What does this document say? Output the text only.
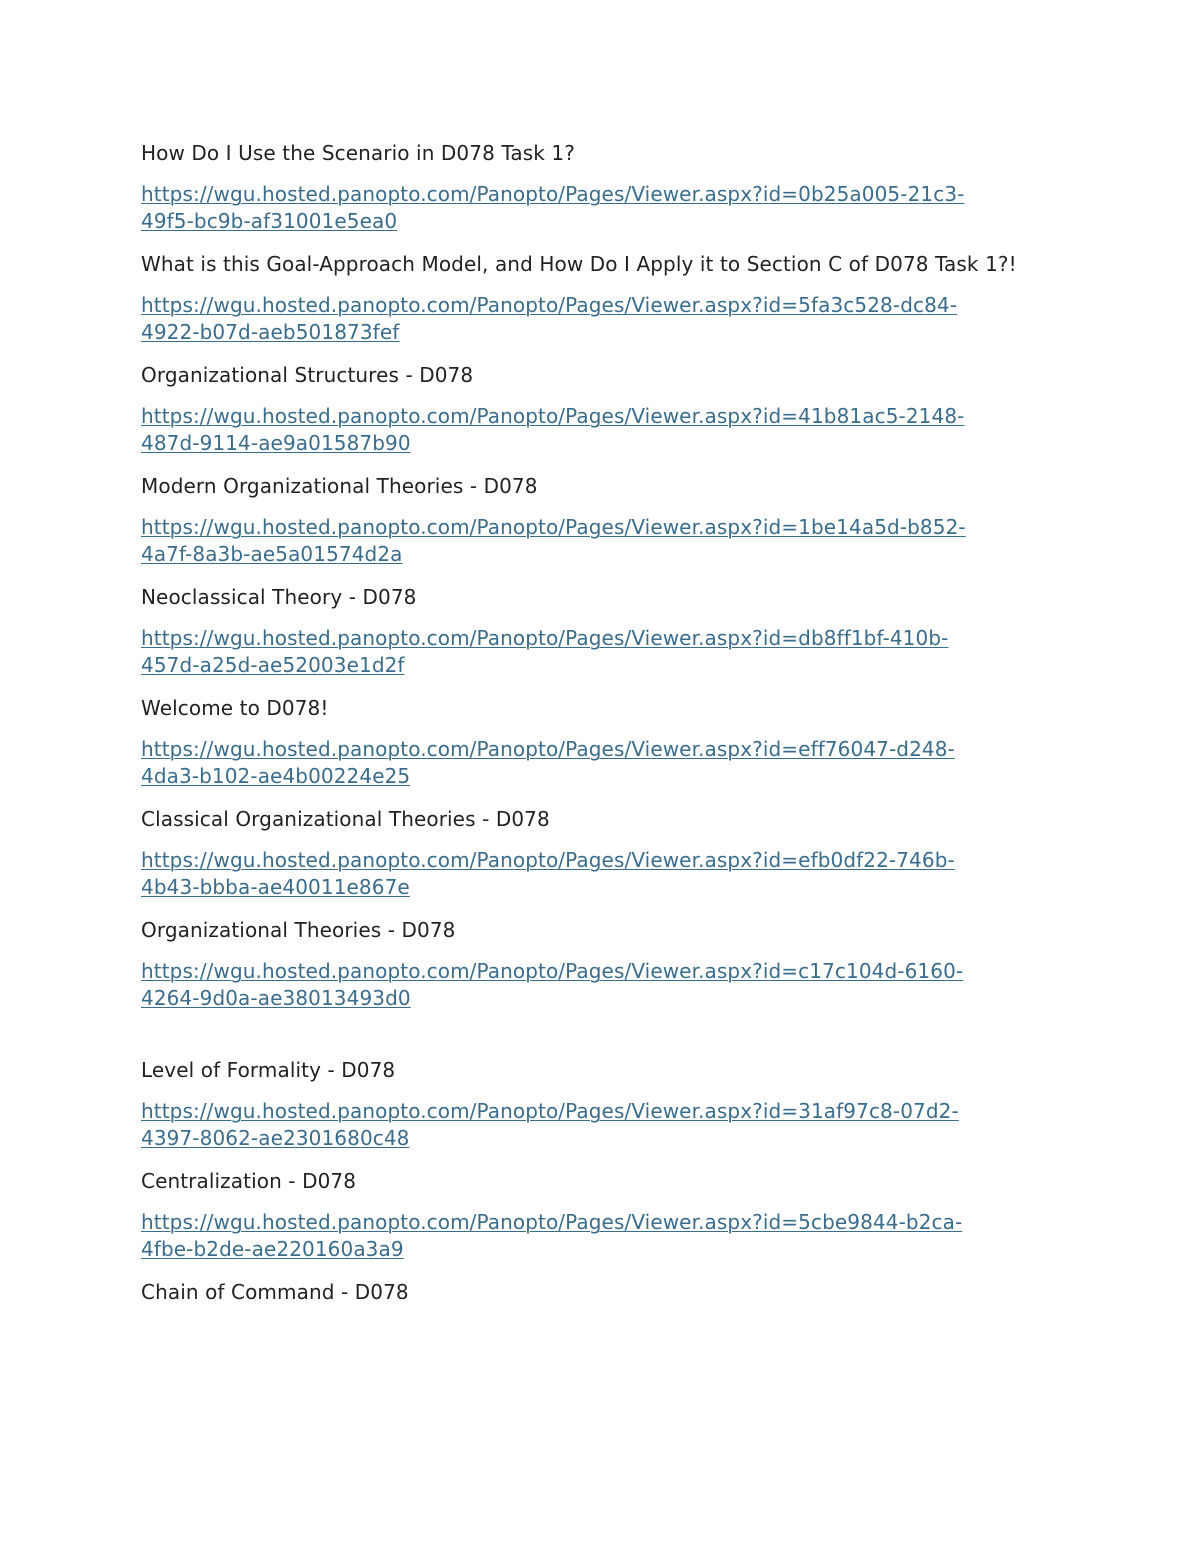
How Do I Use the Scenario in D078 Task 1?

https://wgu.hosted.panopto.com/Panopto/Pages/Viewer.aspx?id=0b25a005-21c3-
49f5-bc9b-af31001e5ea0

What is this Goal-Approach Model, and How Do I Apply it to Section C of D078 Task 1?!

https://wgu.hosted.panopto.com/Panopto/Pages/Viewer.aspx?id=5fa3c528-dc84-
4922-b07d-aeb501873fef

Organizational Structures - D078

https://wgu.hosted.panopto.com/Panopto/Pages/Viewer.aspx?id=41b81ac5-2148-
487d-9114-ae9a01587b90

Modern Organizational Theories - D078

https://wgu.hosted.panopto.com/Panopto/Pages/Viewer.aspx?id=1be14a5d-b852-
4a7f-8a3b-ae5a01574d2a

Neoclassical Theory - D078

https://wgu.hosted.panopto.com/Panopto/Pages/Viewer.aspx?id=db8ff1bf-410b-
457d-a25d-ae52003e1d2f

Welcome to D078!

https://wgu.hosted.panopto.com/Panopto/Pages/Viewer.aspx?id=eff76047-d248-
4da3-b102-ae4b00224e25

Classical Organizational Theories - D078

https://wgu.hosted.panopto.com/Panopto/Pages/Viewer.aspx?id=efb0df22-746b-
4b43-bbba-ae40011e867e

Organizational Theories - D078

https://wgu.hosted.panopto.com/Panopto/Pages/Viewer.aspx?id=c17c104d-6160-
4264-9d0a-ae38013493d0

Level of Formality - D078

https://wgu.hosted.panopto.com/Panopto/Pages/Viewer.aspx?id=31af97c8-07d2-
4397-8062-ae2301680c48

Centralization - D078

https://wgu.hosted.panopto.com/Panopto/Pages/Viewer.aspx?id=5cbe9844-b2ca-
4fbe-b2de-ae220160a3a9

Chain of Command - D078
